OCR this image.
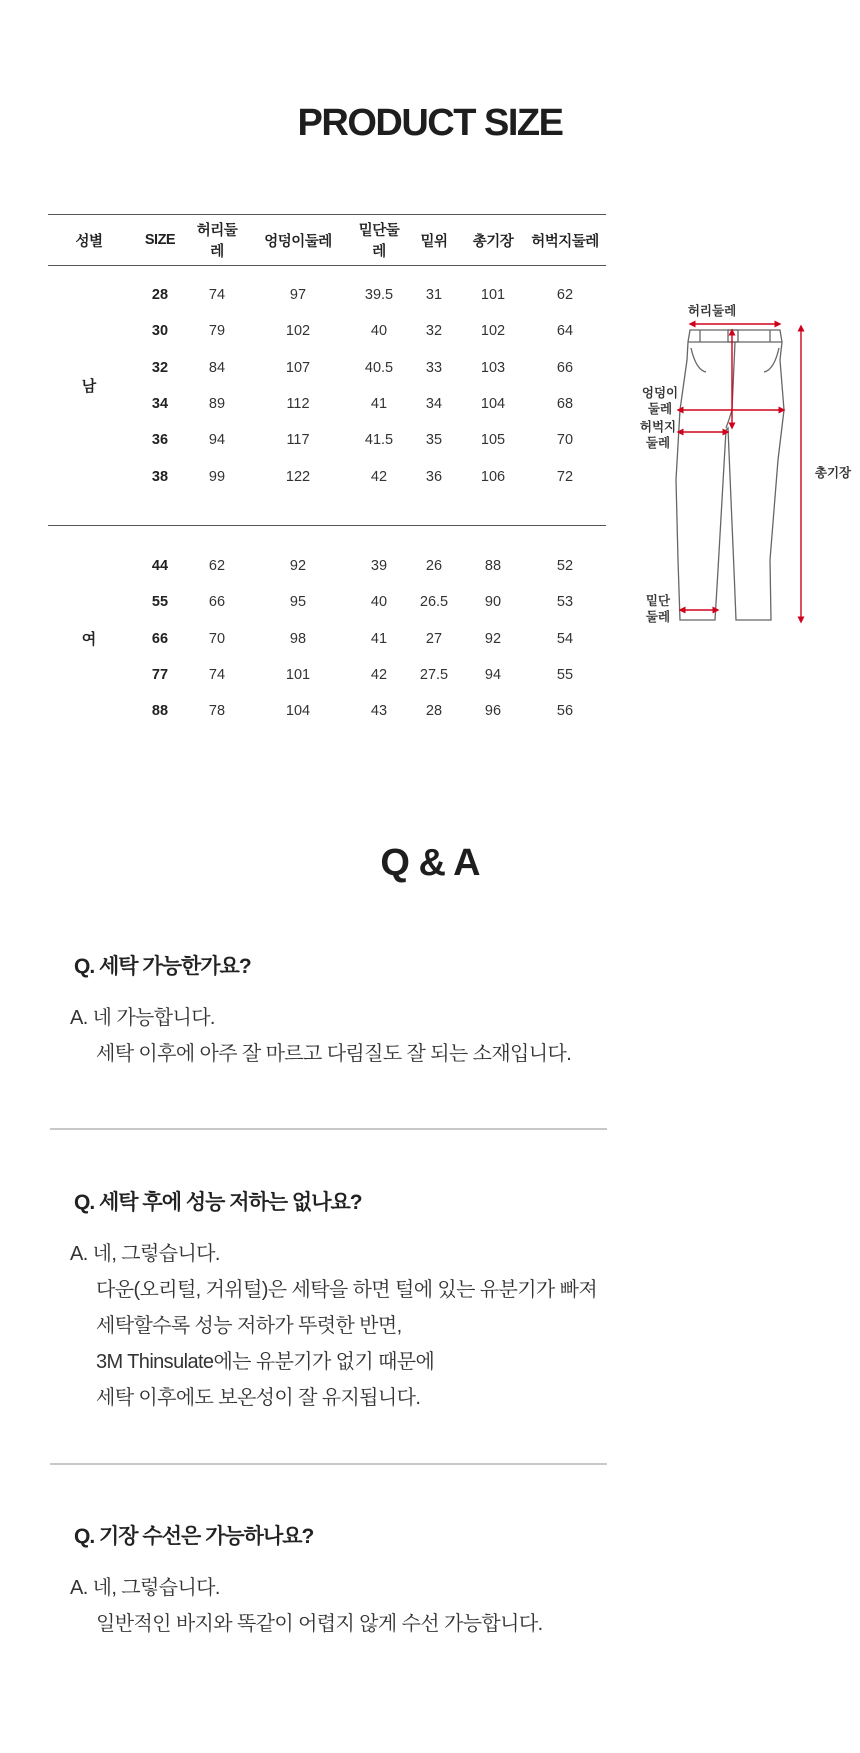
PRODUCT SIZE
성별	SIZE	허리둘레	엉덩이둘레	밑단둘레	밑위	총기장	허벅지둘레

남	28	74	97	39.5	31	101	62
	30	79	102	40	32	102	64
	32	84	107	40.5	33	103	66
	34	89	112	41	34	104	68
	36	94	117	41.5	35	105	70
	38	99	122	42	36	106	72

여	44	62	92	39	26	88	52
	55	66	95	40	26.5	90	53
	66	70	98	41	27	92	54
	77	74	101	42	27.5	94	55
	88	78	104	43	28	96	56
허리둘레
엉덩이
둘레
허벅지
둘레
밑단
둘레
총기장
Q & A

Q. 세탁 가능한가요?

A. 네 가능합니다.
세탁 이후에 아주 잘 마르고 다림질도 잘 되는 소재입니다.

Q. 세탁 후에 성능 저하는 없나요?

A. 네, 그렇습니다.
다운(오리털, 거위털)은 세탁을 하면 털에 있는 유분기가 빠져
세탁할수록 성능 저하가 뚜렷한 반면,
3M Thinsulate에는 유분기가 없기 때문에
세탁 이후에도 보온성이 잘 유지됩니다.

Q. 기장 수선은 가능하나요?

A. 네, 그렇습니다.
일반적인 바지와 똑같이 어렵지 않게 수선 가능합니다.
